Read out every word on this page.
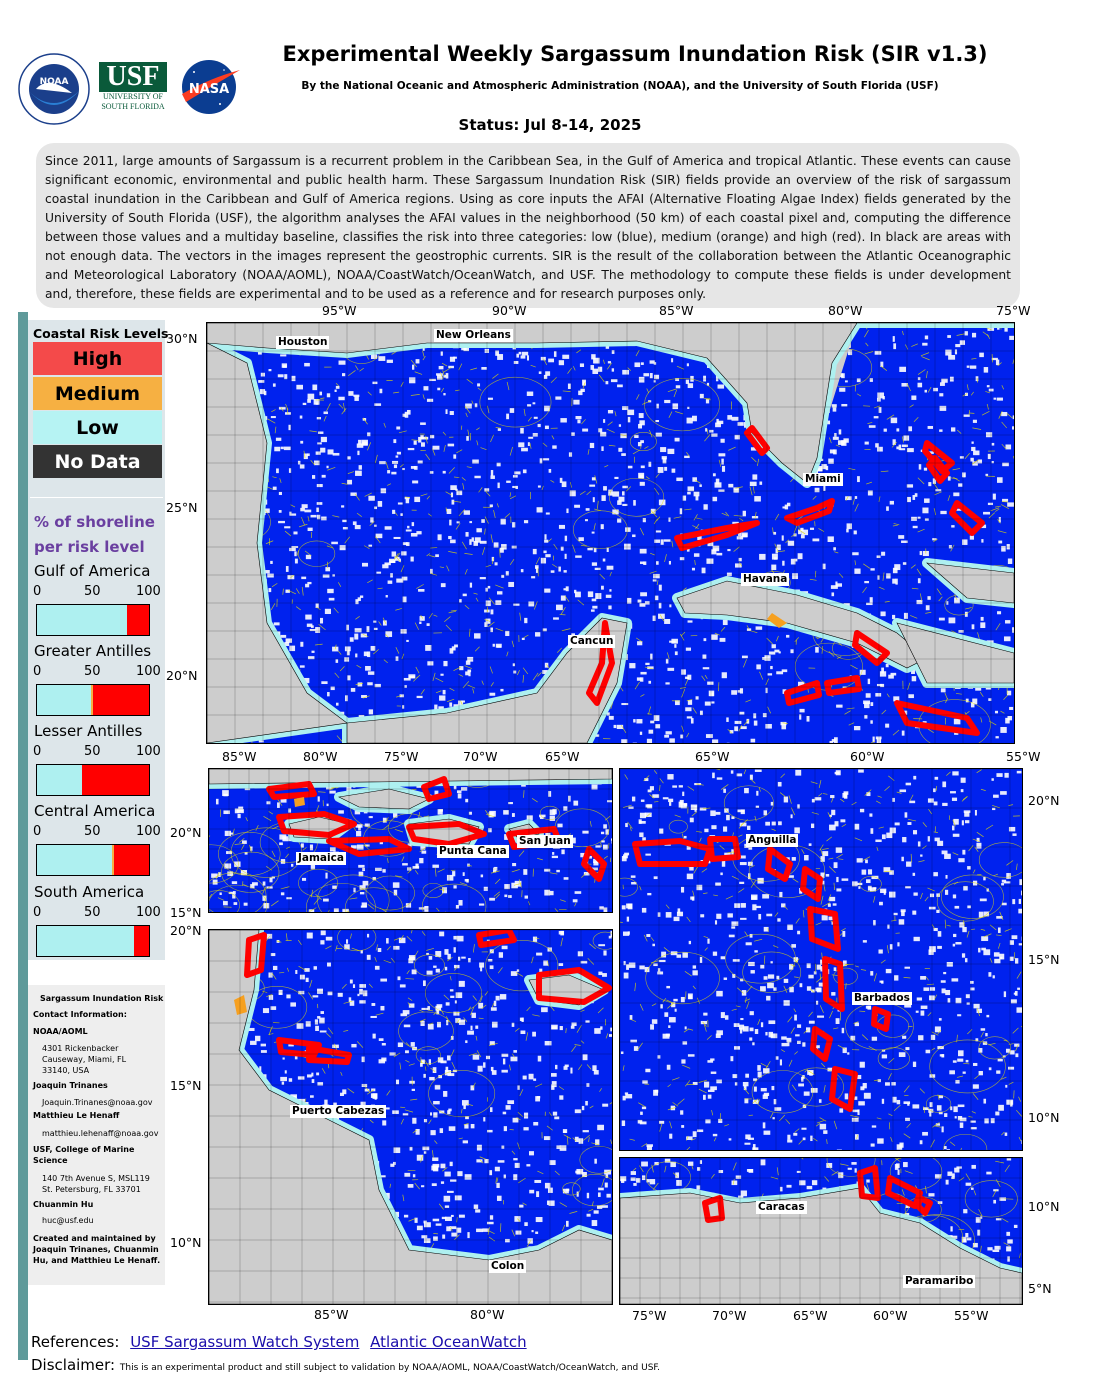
NOAA USF
UNIVERSITY OF
SOUTH FLORIDA
NASA
Experimental Weekly Sargassum Inundation Risk (SIR v1.3)
By the National Oceanic and Atmospheric Administration (NOAA), and the University of South Florida (USF)
Status: Jul 8-14, 2025
Since 2011, large amounts of Sargassum is a recurrent problem in the Caribbean Sea, in the Gulf of America and tropical Atlantic. These events can cause significant economic, environmental and public health harm. These Sargassum Inundation Risk (SIR) fields provide an overview of the risk of sargassum coastal inundation in the Caribbean and Gulf of America regions. Using as core inputs the AFAI (Alternative Floating Algae Index) fields generated by the University of South Florida (USF), the algorithm analyses the AFAI values in the neighborhood (50 km) of each coastal pixel and, computing the difference between those values and a multiday baseline, classifies the risk into three categories: low (blue), medium (orange) and high (red). In black are areas with not enough data. The vectors in the images represent the geostrophic currents. SIR is the result of the collaboration between the Atlantic Oceanographic and Meteorological Laboratory (NOAA/AOML), NOAA/CoastWatch/OceanWatch, and USF. The methodology to compute these fields is under development and, therefore, these fields are experimental and to be used as a reference and for research purposes only.
Coastal Risk Levels
High
Medium
Low
No Data
% of shoreline
per risk level
Gulf of America
0	50	100
Greater Antilles
0	50	100
Lesser Antilles
0	50	100
Central America
0	50	100
South America
0	50	100
Sargassum Inundation Risk
Contact Information:
NOAA/AOML
4301 Rickenbacker
Causeway, Miami, FL
33140, USA
Joaquin Trinanes
Joaquin.Trinanes@noaa.gov
Matthieu Le Henaff
matthieu.lehenaff@noaa.gov
USF, College of Marine
Science
140 7th Avenue S, MSL119
St. Petersburg, FL 33701
Chuanmin Hu
huc@usf.edu
Created and maintained by
Joaquin Trinanes, Chuanmin
Hu, and Matthieu Le Henaff.
95°W	90°W	85°W	80°W	75°W
30°N
25°N
20°N
Houston
New Orleans
Miami
Havana
Cancun
85°W	80°W	75°W	70°W	65°W
20°N
15°N
Jamaica
Punta Cana
San Juan
65°W	60°W	55°W
20°N
15°N
10°N
Anguilla
Barbados
85°W	80°W
20°N
15°N
10°N
Puerto Cabezas
Colon
75°W	70°W	65°W	60°W	55°W
10°N
5°N
Caracas
Paramaribo
References: USF Sargassum Watch System Atlantic OceanWatch
Disclaimer: This is an experimental product and still subject to validation by NOAA/AOML, NOAA/CoastWatch/OceanWatch, and USF.
